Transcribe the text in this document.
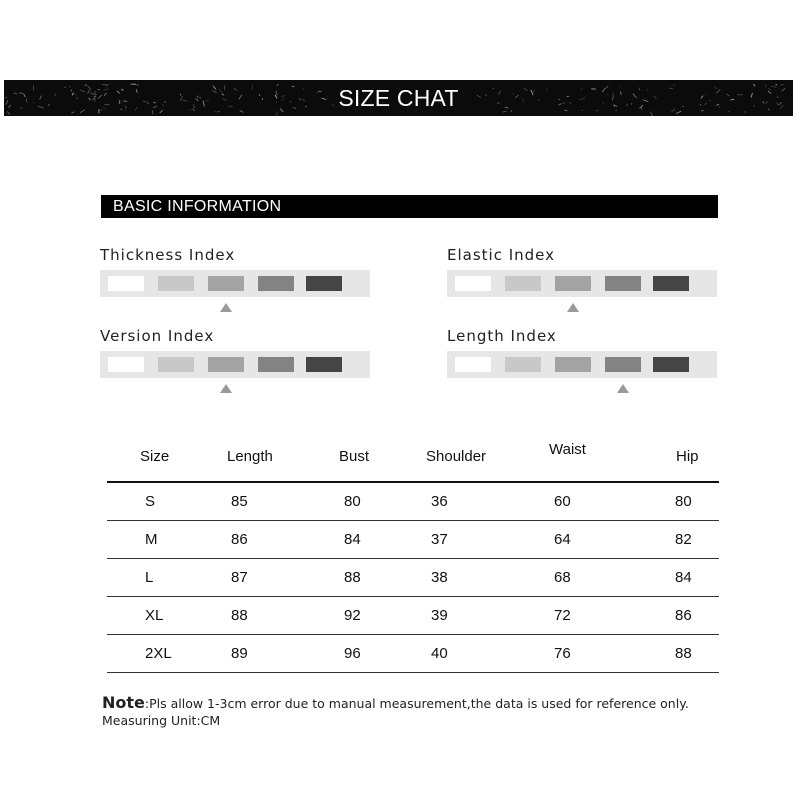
SIZE CHAT
BASIC INFORMATION
Thickness Index	Elastic Index
Version Index	Length Index
Size	Length	Bust	Shoulder	Waist	Hip
S	85	80	36	60	80
M	86	84	37	64	82
L	87	88	38	68	84
XL	88	92	39	72	86
2XL	89	96	40	76	88
Note:Pls allow 1-3cm error due to manual measurement,the data is used for reference only.
Measuring Unit:CM
